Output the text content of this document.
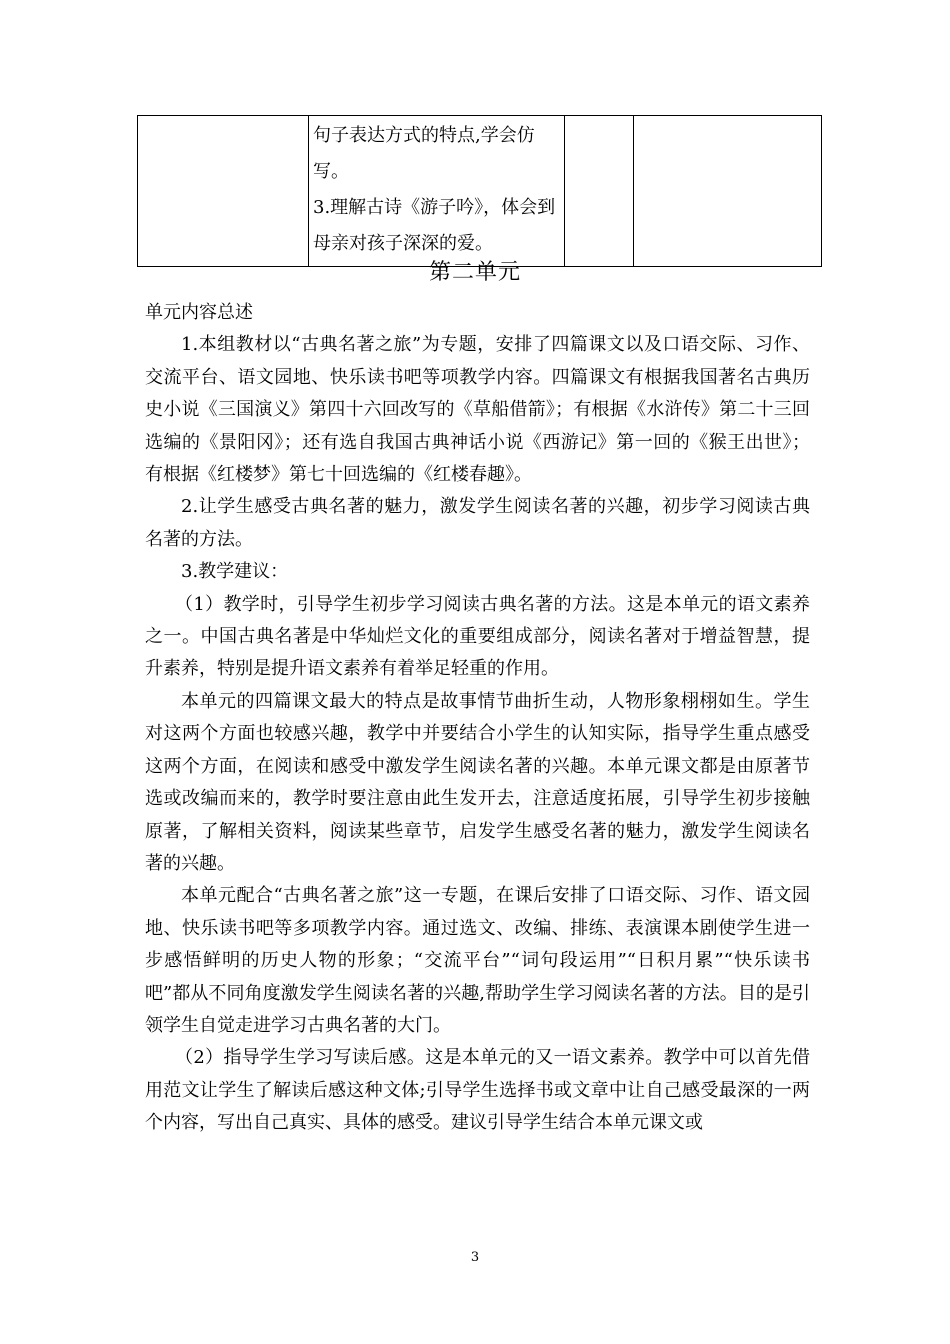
句子表达方式的特点,学会仿写。

3.理解古诗《游子吟》，体会到母亲对孩子深深的爱。

第二单元

单元内容总述

1.本组教材以“古典名著之旅”为专题，安排了四篇课文以及口语交际、习作、交流平台、语文园地、快乐读书吧等项教学内容。四篇课文有根据我国著名古典历史小说《三国演义》第四十六回改写的《草船借箭》；有根据《水浒传》第二十三回选编的《景阳冈》；还有选自我国古典神话小说《西游记》第一回的《猴王出世》；有根据《红楼梦》第七十回选编的《红楼春趣》。

2.让学生感受古典名著的魅力，激发学生阅读名著的兴趣，初步学习阅读古典名著的方法。

3.教学建议：

（1）教学时，引导学生初步学习阅读古典名著的方法。这是本单元的语文素养之一。中国古典名著是中华灿烂文化的重要组成部分，阅读名著对于增益智慧，提升素养，特别是提升语文素养有着举足轻重的作用。

本单元的四篇课文最大的特点是故事情节曲折生动，人物形象栩栩如生。学生对这两个方面也较感兴趣，教学中并要结合小学生的认知实际，指导学生重点感受这两个方面，在阅读和感受中激发学生阅读名著的兴趣。本单元课文都是由原著节选或改编而来的，教学时要注意由此生发开去，注意适度拓展，引导学生初步接触原著，了解相关资料，阅读某些章节，启发学生感受名著的魅力，激发学生阅读名著的兴趣。

本单元配合“古典名著之旅”这一专题，在课后安排了口语交际、习作、语文园地、快乐读书吧等多项教学内容。通过选文、改编、排练、表演课本剧使学生进一步感悟鲜明的历史人物的形象；“交流平台”“词句段运用”“日积月累”“快乐读书吧”都从不同角度激发学生阅读名著的兴趣,帮助学生学习阅读名著的方法。目的是引领学生自觉走进学习古典名著的大门。

（2）指导学生学习写读后感。这是本单元的又一语文素养。教学中可以首先借用范文让学生了解读后感这种文体;引导学生选择书或文章中让自己感受最深的一两个内容，写出自己真实、具体的感受。建议引导学生结合本单元课文或

3
